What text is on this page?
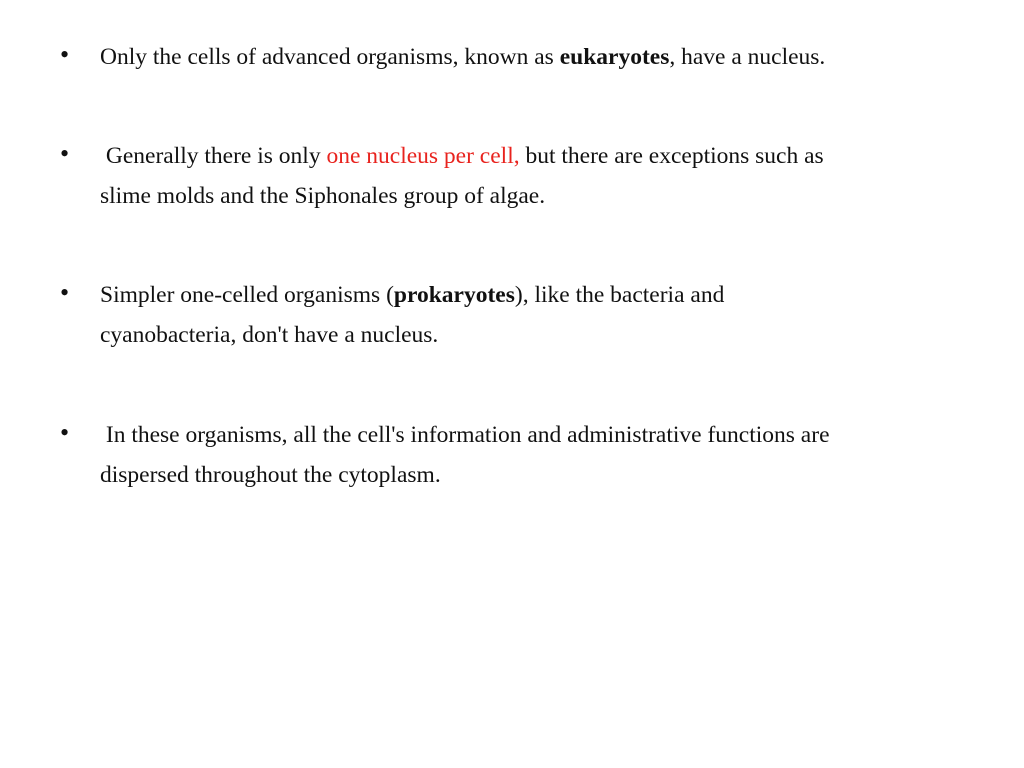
• Only the cells of advanced organisms, known as eukaryotes, have a nucleus.
• Generally there is only one nucleus per cell, but there are exceptions such as
slime molds and the Siphonales group of algae.
• Simpler one-celled organisms (prokaryotes), like the bacteria and
cyanobacteria, don't have a nucleus.
• In these organisms, all the cell's information and administrative functions are
dispersed throughout the cytoplasm.
